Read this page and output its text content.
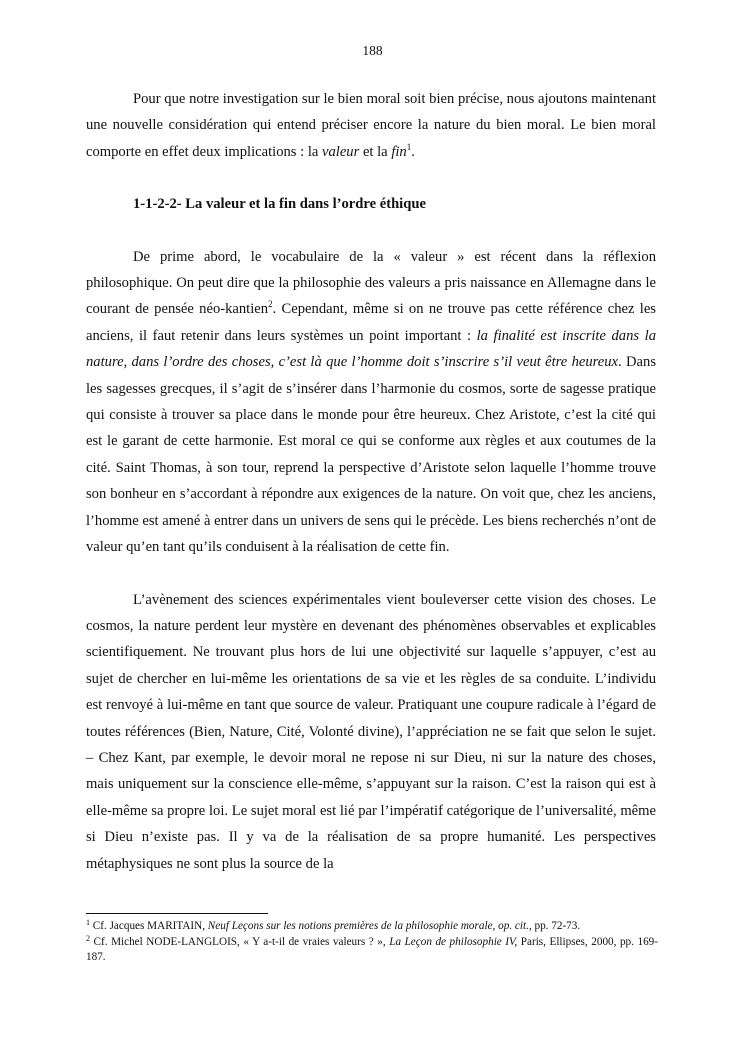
188

Pour que notre investigation sur le bien moral soit bien précise, nous ajoutons maintenant une nouvelle considération qui entend préciser encore la nature du bien moral. Le bien moral comporte en effet deux implications : la valeur et la fin$^1$.

1-1-2-2- La valeur et la fin dans l’ordre éthique

De prime abord, le vocabulaire de la « valeur » est récent dans la réflexion philosophique. On peut dire que la philosophie des valeurs a pris naissance en Allemagne dans le courant de pensée néo-kantien$^2$. Cependant, même si on ne trouve pas cette référence chez les anciens, il faut retenir dans leurs systèmes un point important : la finalité est inscrite dans la nature, dans l’ordre des choses, c’est là que l’homme doit s’inscrire s’il veut être heureux. Dans les sagesses grecques, il s’agit de s’insérer dans l’harmonie du cosmos, sorte de sagesse pratique qui consiste à trouver sa place dans le monde pour être heureux. Chez Aristote, c’est la cité qui est le garant de cette harmonie. Est moral ce qui se conforme aux règles et aux coutumes de la cité. Saint Thomas, à son tour, reprend la perspective d’Aristote selon laquelle l’homme trouve son bonheur en s’accordant à répondre aux exigences de la nature. On voit que, chez les anciens, l’homme est amené à entrer dans un univers de sens qui le précède. Les biens recherchés n’ont de valeur qu’en tant qu’ils conduisent à la réalisation de cette fin.

L’avènement des sciences expérimentales vient bouleverser cette vision des choses. Le cosmos, la nature perdent leur mystère en devenant des phénomènes observables et explicables scientifiquement. Ne trouvant plus hors de lui une objectivité sur laquelle s’appuyer, c’est au sujet de chercher en lui-même les orientations de sa vie et les règles de sa conduite. L’individu est renvoyé à lui-même en tant que source de valeur. Pratiquant une coupure radicale à l’égard de toutes références (Bien, Nature, Cité, Volonté divine), l’appréciation ne se fait que selon le sujet. – Chez Kant, par exemple, le devoir moral ne repose ni sur Dieu, ni sur la nature des choses, mais uniquement sur la conscience elle-même, s’appuyant sur la raison. C’est la raison qui est à elle-même sa propre loi. Le sujet moral est lié par l’impératif catégorique de l’universalité, même si Dieu n’existe pas. Il y va de la réalisation de sa propre humanité. Les perspectives métaphysiques ne sont plus la source de la

$^1$ Cf. Jacques MARITAIN, Neuf Leçons sur les notions premières de la philosophie morale, op. cit., pp. 72-73.
$^2$ Cf. Michel NODE-LANGLOIS, « Y a-t-il de vraies valeurs ? », La Leçon de philosophie IV, Paris, Ellipses, 2000, pp. 169-187.
